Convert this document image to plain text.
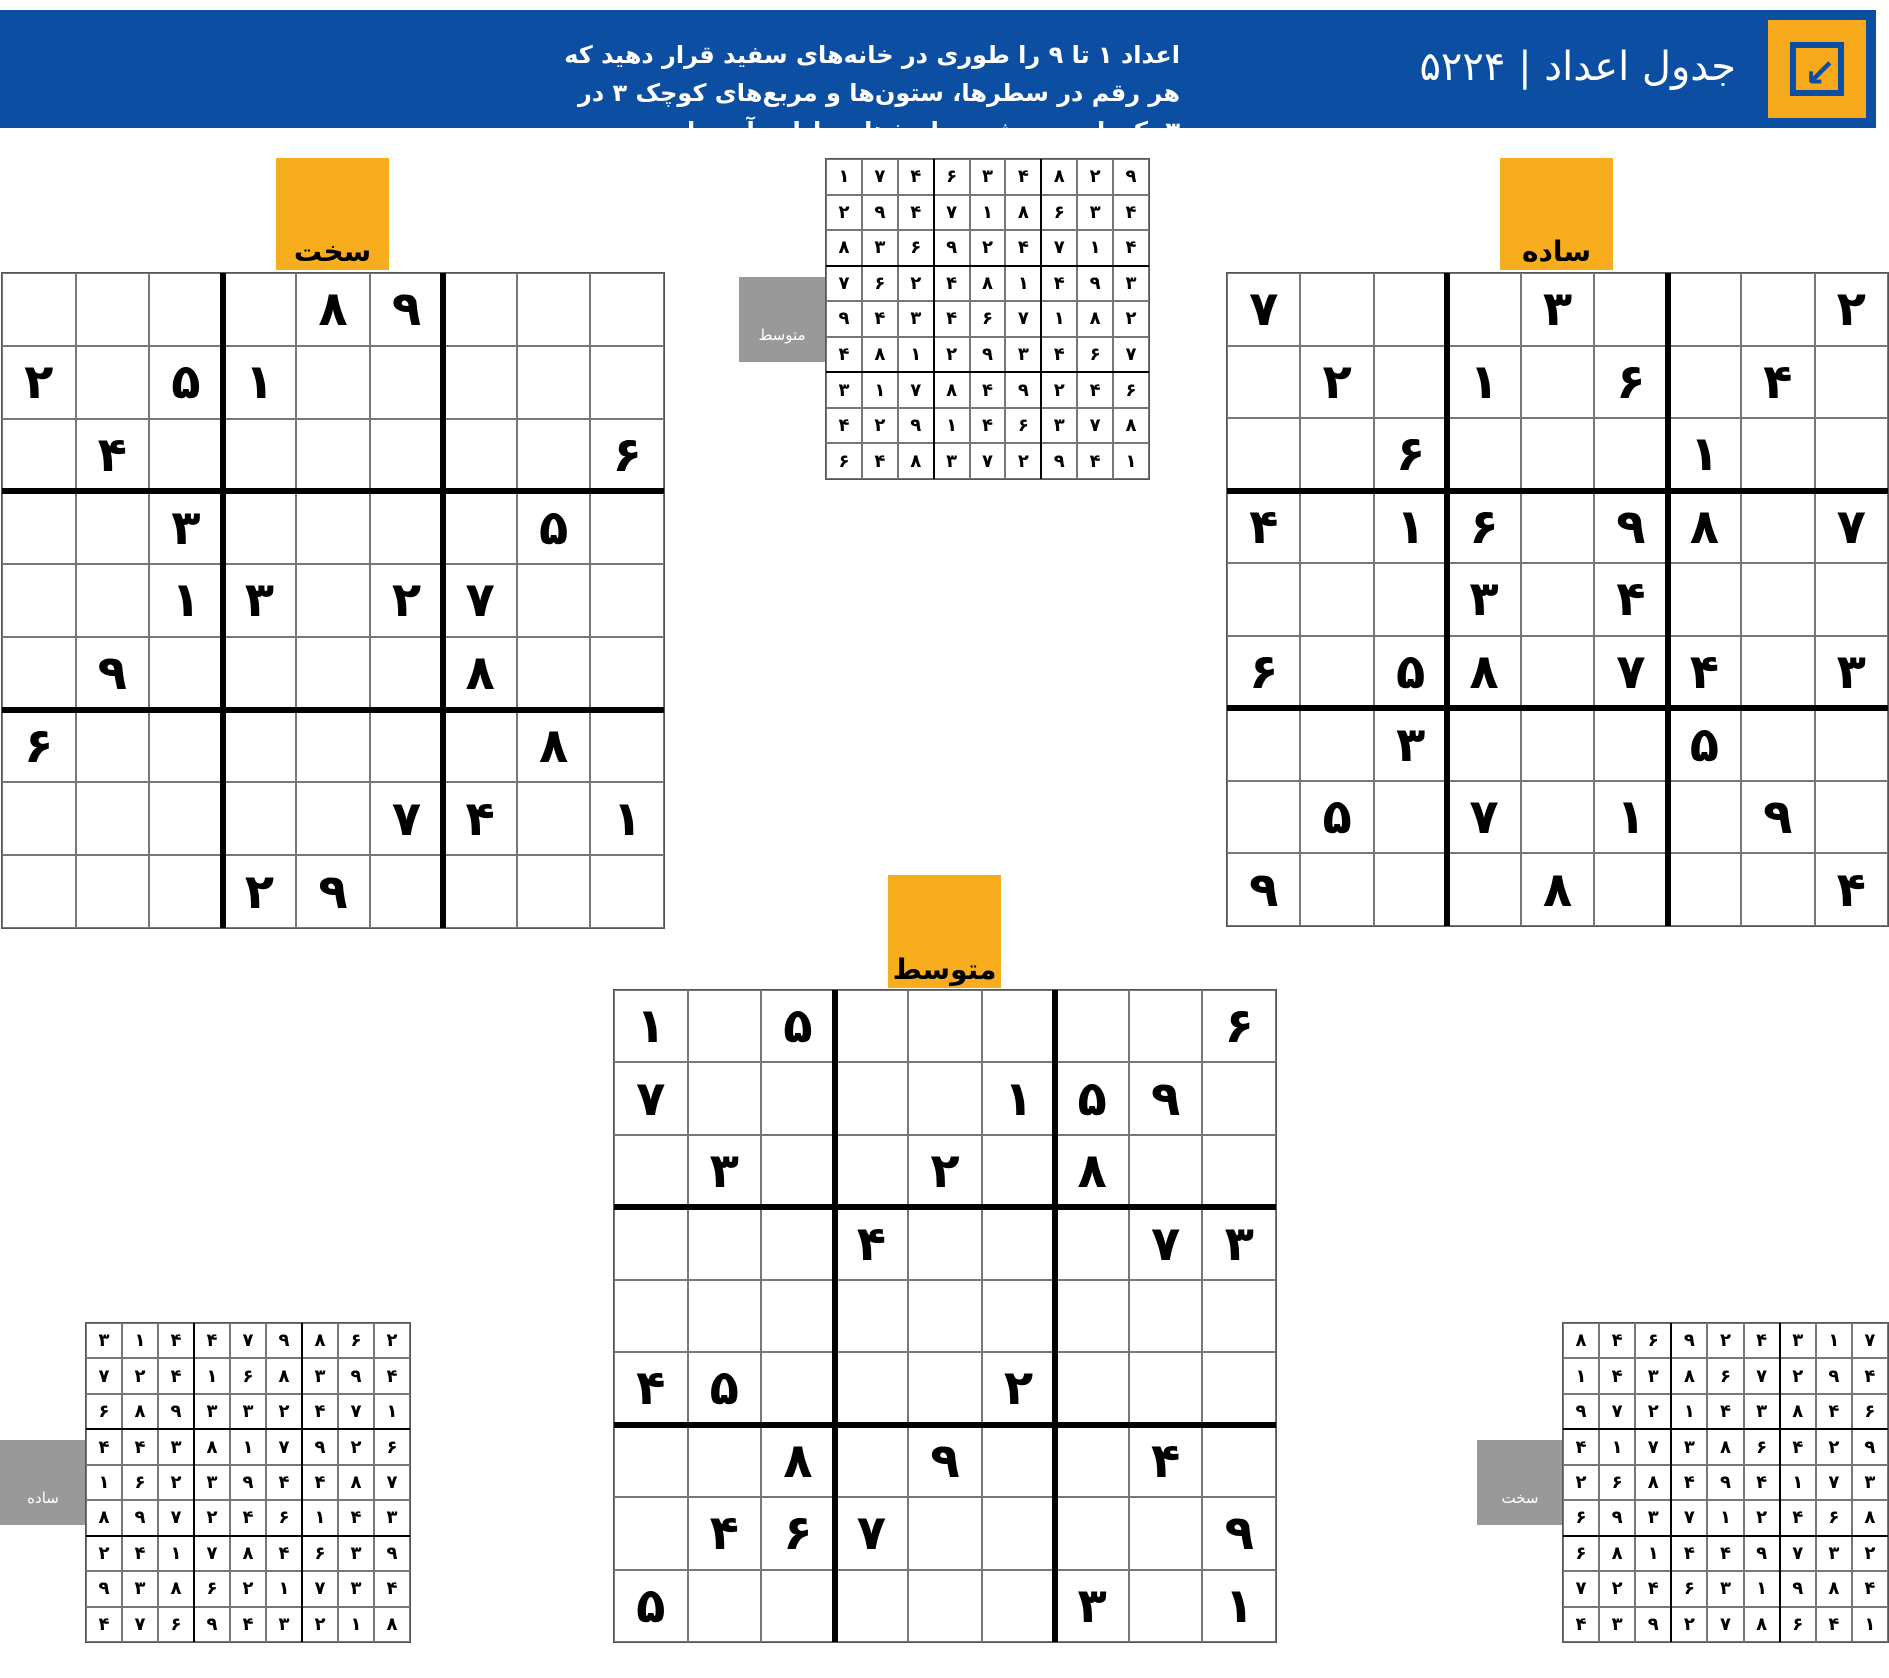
↙
جدول اعداد | ۵۲۲۴
اعداد ۱ تا ۹ را طوری در خانه‌های سفید قرار دهید که هر رقم در سطرها، ستون‌ها و مربع‌های کوچک ۳ در ۳ یک بار دیده شود. پاسخ‌ها در ادامه آمده است.
سخت	ساده
متوسط
متوسط
ساده	سخت
۹
۸
۱
۵
۲
۶
۴
۵
۳
۷
۲
۳
۱
۸
۹
۸
۶
۱
۴
۷
۹
۲
۲
۳
۷
۴
۶
۱
۲
۱
۶
۷
۸
۹
۶
۱
۴
۴
۳
۳
۴
۷
۸
۵
۶
۵
۳
۹
۱
۷
۵
۴
۸
۹
۶
۵
۱
۹
۵
۱
۷
۸
۲
۳
۳
۷
۴
۲
۵
۴
۴
۹
۸
۹
۷
۶
۴
۱
۳
۵
۹
۲
۸
۴
۳
۶
۴
۷
۱
۴
۳
۶
۸
۱
۷
۴
۹
۲
۴
۱
۷
۴
۲
۹
۶
۳
۸
۳
۹
۴
۱
۸
۴
۲
۶
۷
۲
۸
۱
۷
۶
۴
۳
۴
۹
۷
۶
۴
۳
۹
۲
۱
۸
۴
۶
۴
۲
۹
۴
۸
۷
۱
۳
۸
۷
۳
۶
۴
۱
۹
۲
۴
۱
۴
۹
۲
۷
۳
۸
۴
۶
۲
۶
۸
۹
۷
۴
۴
۱
۳
۴
۹
۳
۸
۶
۱
۴
۲
۷
۱
۷
۴
۲
۳
۳
۹
۸
۶
۶
۲
۹
۷
۱
۸
۳
۴
۴
۷
۸
۴
۴
۹
۳
۲
۶
۱
۳
۴
۱
۶
۴
۲
۷
۹
۸
۹
۳
۶
۴
۸
۷
۱
۴
۲
۴
۳
۷
۱
۲
۶
۸
۳
۹
۸
۱
۲
۳
۴
۹
۶
۷
۴
۷
۱
۳
۴
۲
۹
۶
۴
۸
۴
۹
۲
۷
۶
۸
۳
۴
۱
۶
۴
۸
۳
۴
۱
۲
۷
۹
۹
۲
۴
۶
۸
۳
۷
۱
۴
۳
۷
۱
۴
۹
۴
۸
۶
۲
۸
۶
۴
۲
۱
۷
۳
۹
۶
۲
۳
۷
۹
۴
۴
۱
۸
۶
۴
۸
۹
۱
۳
۶
۴
۲
۷
۱
۴
۶
۸
۷
۲
۹
۳
۴
